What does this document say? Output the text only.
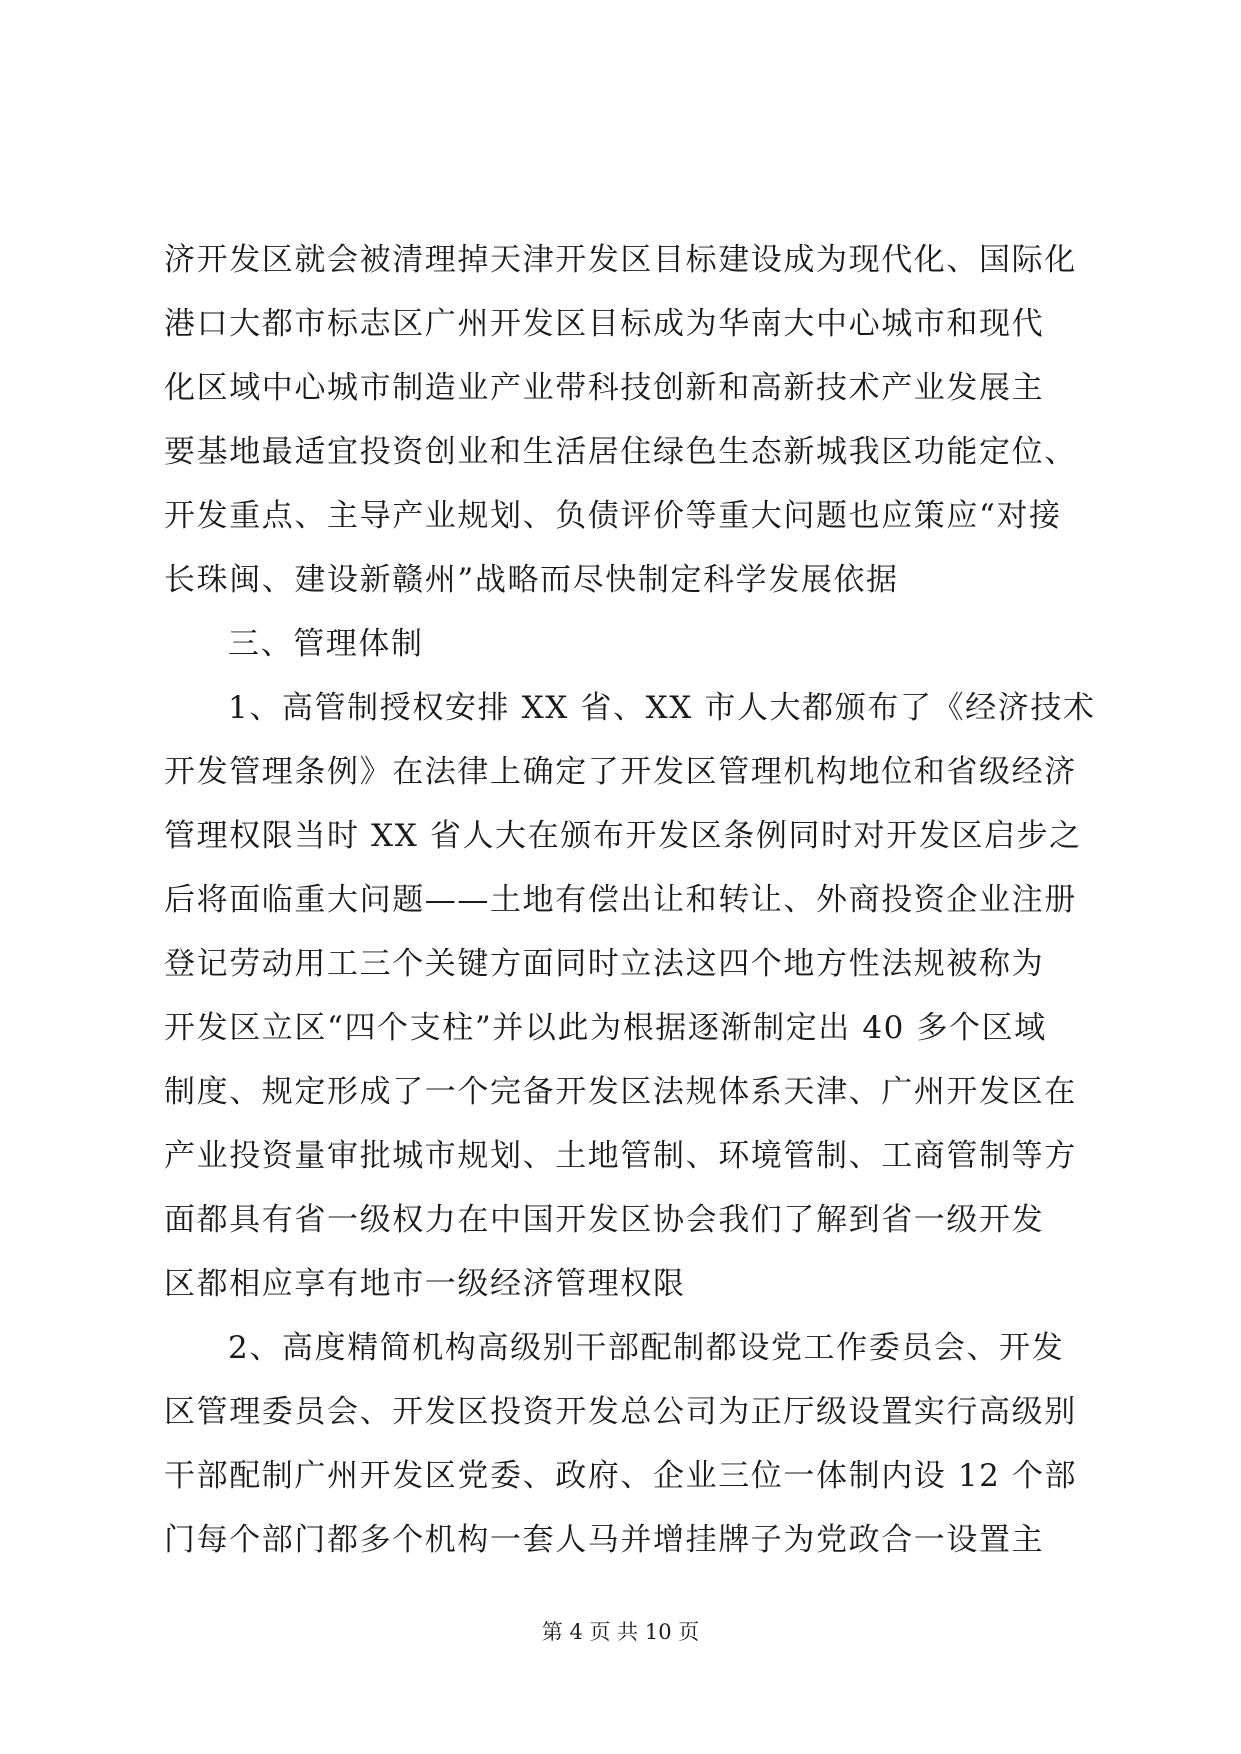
济开发区就会被清理掉天津开发区目标建设成为现代化、国际化
港口大都市标志区广州开发区目标成为华南大中心城市和现代
化区域中心城市制造业产业带科技创新和高新技术产业发展主
要基地最适宜投资创业和生活居住绿色生态新城我区功能定位、
开发重点、主导产业规划、负债评价等重大问题也应策应“对接
长珠闽、建设新赣州”战略而尽快制定科学发展依据
三、管理体制
1、高管制授权安排 XX 省、XX 市人大都颁布了《经济技术
开发管理条例》在法律上确定了开发区管理机构地位和省级经济
管理权限当时 XX 省人大在颁布开发区条例同时对开发区启步之
后将面临重大问题——土地有偿出让和转让、外商投资企业注册
登记劳动用工三个关键方面同时立法这四个地方性法规被称为
开发区立区“四个支柱”并以此为根据逐渐制定出 40 多个区域
制度、规定形成了一个完备开发区法规体系天津、广州开发区在
产业投资量审批城市规划、土地管制、环境管制、工商管制等方
面都具有省一级权力在中国开发区协会我们了解到省一级开发
区都相应享有地市一级经济管理权限
2、高度精简机构高级别干部配制都设党工作委员会、开发
区管理委员会、开发区投资开发总公司为正厅级设置实行高级别
干部配制广州开发区党委、政府、企业三位一体制内设 12 个部
门每个部门都多个机构一套人马并增挂牌子为党政合一设置主
第 4 页 共 10 页
